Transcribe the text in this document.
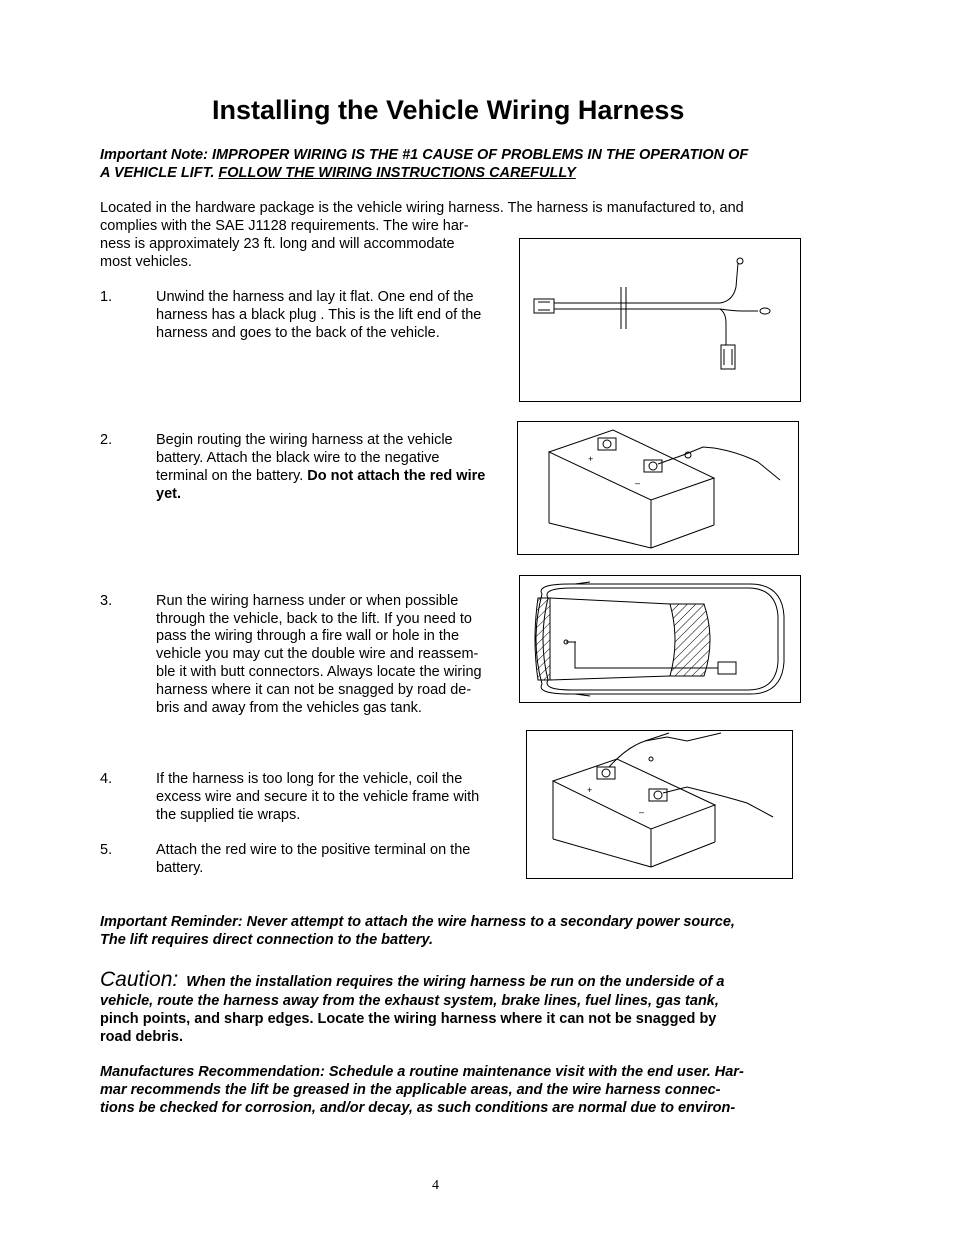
Installing the Vehicle Wiring Harness
Important Note: IMPROPER WIRING IS THE #1 CAUSE OF PROBLEMS IN THE OPERATION OF
A VEHICLE LIFT. FOLLOW THE WIRING INSTRUCTIONS CAREFULLY
Located in the hardware package is the vehicle wiring harness. The harness is manufactured to, and
complies with the SAE J1128 requirements. The wire har-
ness is approximately 23 ft. long and will accommodate
most vehicles.
1.	Unwind the harness and lay it flat. One end of the
harness has a black plug . This is the lift end of the
harness and goes to the back of the vehicle.
2.	Begin routing the wiring harness at the vehicle
battery. Attach the black wire to the negative
terminal on the battery. Do not attach the red wire
yet.
3.	Run the wiring harness under or when possible
through the vehicle, back to the lift. If you need to
pass the wiring through a fire wall or hole in the
vehicle you may cut the double wire and reassem-
ble it with butt connectors. Always locate the wiring
harness where it can not be snagged by road de-
bris and away from the vehicles gas tank.
4.	If the harness is too long for the vehicle, coil the
excess wire and secure it to the vehicle frame with
the supplied tie wraps.
5.	Attach the red wire to the positive terminal on the
battery.
+
–
+
–
Important Reminder: Never attempt to attach the wire harness to a secondary power source,
The lift requires direct connection to the battery.
Caution: When the installation requires the wiring harness be run on the underside of a
vehicle, route the harness away from the exhaust system, brake lines, fuel lines, gas tank,
pinch points, and sharp edges. Locate the wiring harness where it can not be snagged by
road debris.
Manufactures Recommendation: Schedule a routine maintenance visit with the end user. Har-
mar recommends the lift be greased in the applicable areas, and the wire harness connec-
tions be checked for corrosion, and/or decay, as such conditions are normal due to environ-
4
